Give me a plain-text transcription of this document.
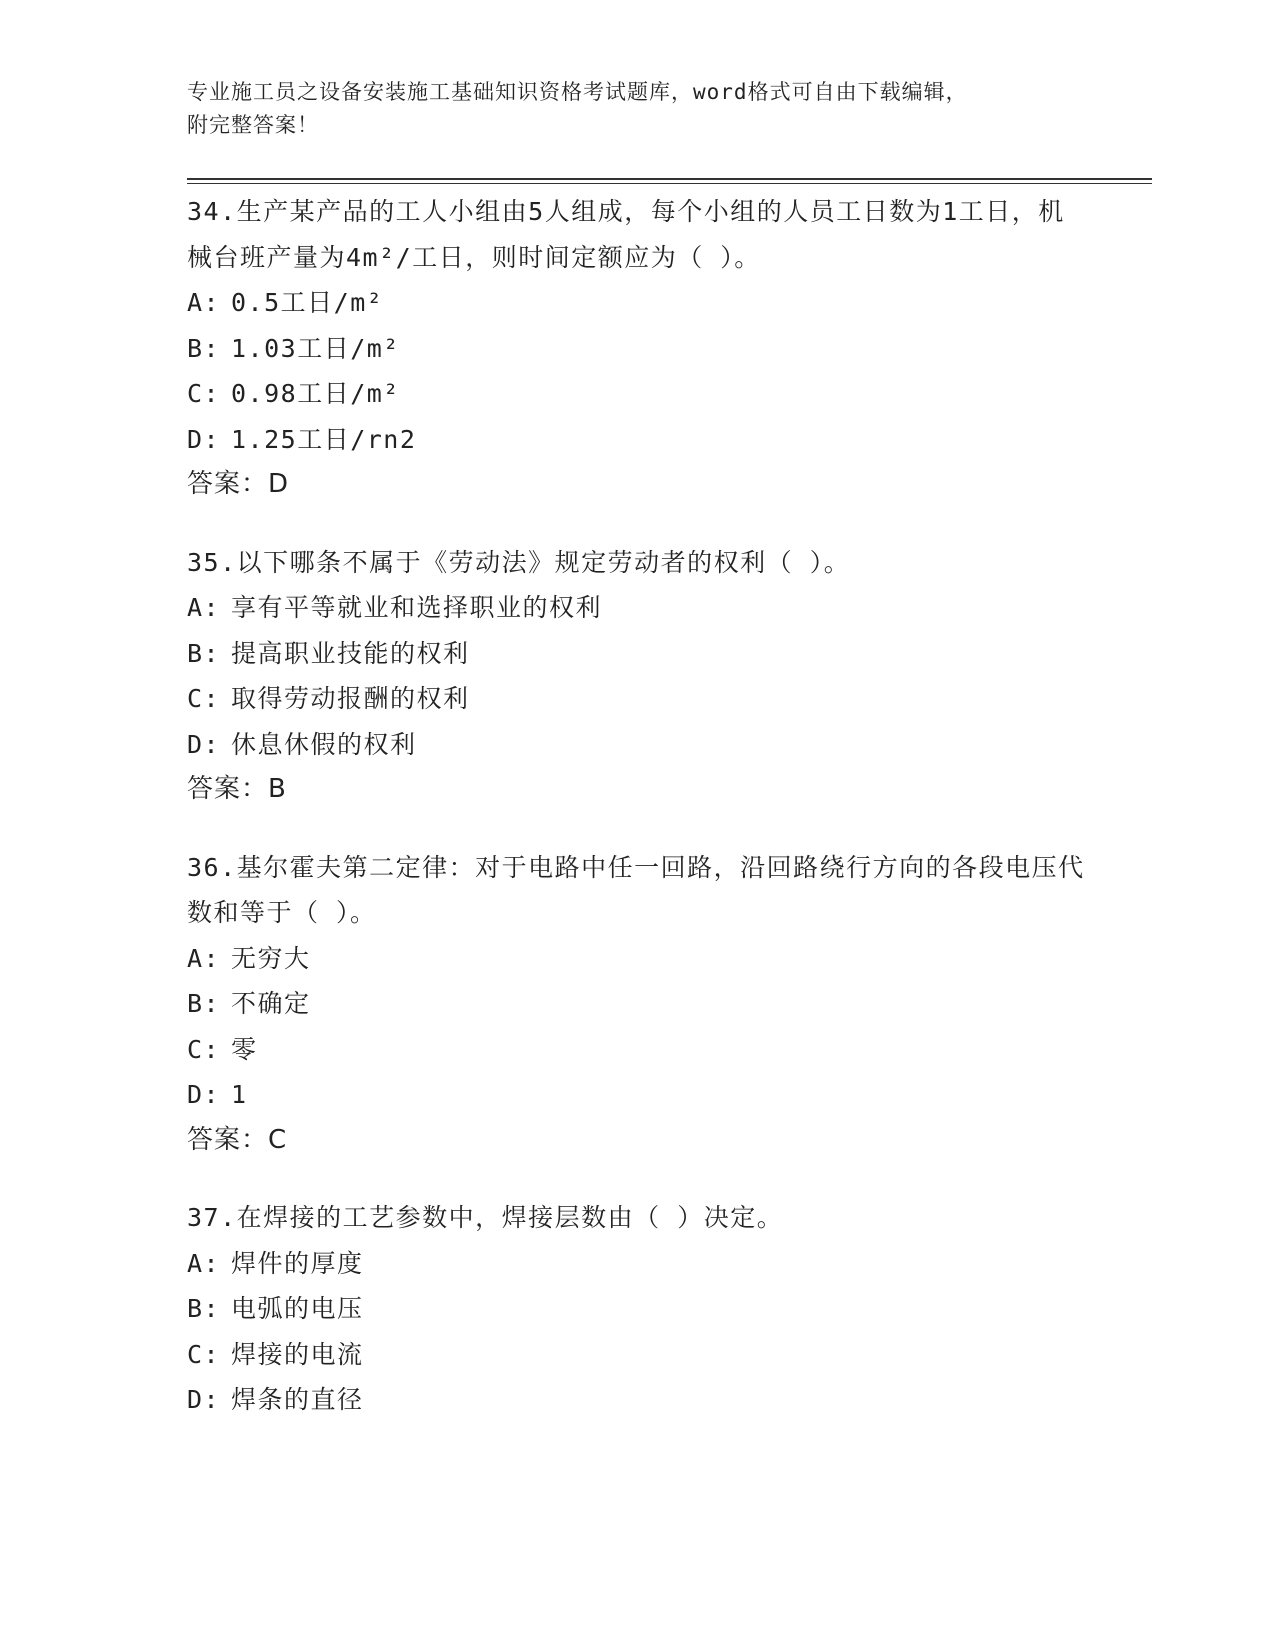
专业施工员之设备安装施工基础知识资格考试题库，word格式可自由下载编辑，
附完整答案！
34.生产某产品的工人小组由5人组成，每个小组的人员工日数为1工日，机械台班产量为4m²/工日，则时间定额应为（ ）。
A: 0.5工日/m²
B: 1.03工日/m²
C: 0.98工日/m²
D: 1.25工日/rn2
答案：D
35.以下哪条不属于《劳动法》规定劳动者的权利（ ）。
A: 享有平等就业和选择职业的权利
B: 提高职业技能的权利
C: 取得劳动报酬的权利
D: 休息休假的权利
答案：B
36.基尔霍夫第二定律：对于电路中任一回路，沿回路绕行方向的各段电压代数和等于（ ）。
A: 无穷大
B: 不确定
C: 零
D: 1
答案：C
37.在焊接的工艺参数中，焊接层数由（ ）决定。
A: 焊件的厚度
B: 电弧的电压
C: 焊接的电流
D: 焊条的直径
